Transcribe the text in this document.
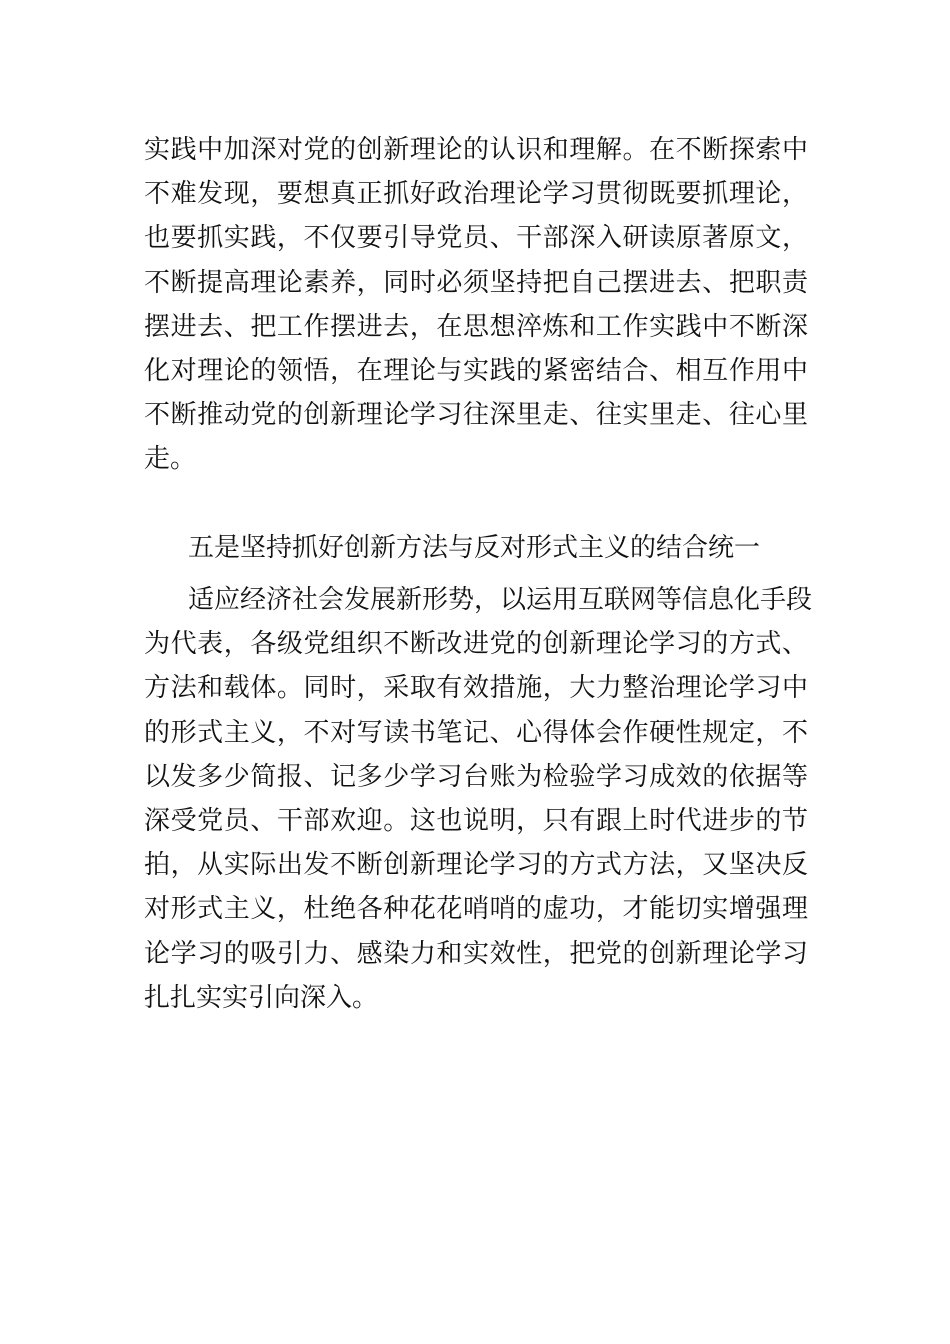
实践中加深对党的创新理论的认识和理解。在不断探索中
不难发现，要想真正抓好政治理论学习贯彻既要抓理论，
也要抓实践，不仅要引导党员、干部深入研读原著原文，
不断提高理论素养，同时必须坚持把自己摆进去、把职责
摆进去、把工作摆进去，在思想淬炼和工作实践中不断深
化对理论的领悟，在理论与实践的紧密结合、相互作用中
不断推动党的创新理论学习往深里走、往实里走、往心里
走。
五是坚持抓好创新方法与反对形式主义的结合统一
适应经济社会发展新形势，以运用互联网等信息化手段
为代表，各级党组织不断改进党的创新理论学习的方式、
方法和载体。同时，采取有效措施，大力整治理论学习中
的形式主义，不对写读书笔记、心得体会作硬性规定，不
以发多少简报、记多少学习台账为检验学习成效的依据等
深受党员、干部欢迎。这也说明，只有跟上时代进步的节
拍，从实际出发不断创新理论学习的方式方法，又坚决反
对形式主义，杜绝各种花花哨哨的虚功，才能切实增强理
论学习的吸引力、感染力和实效性，把党的创新理论学习
扎扎实实引向深入。
